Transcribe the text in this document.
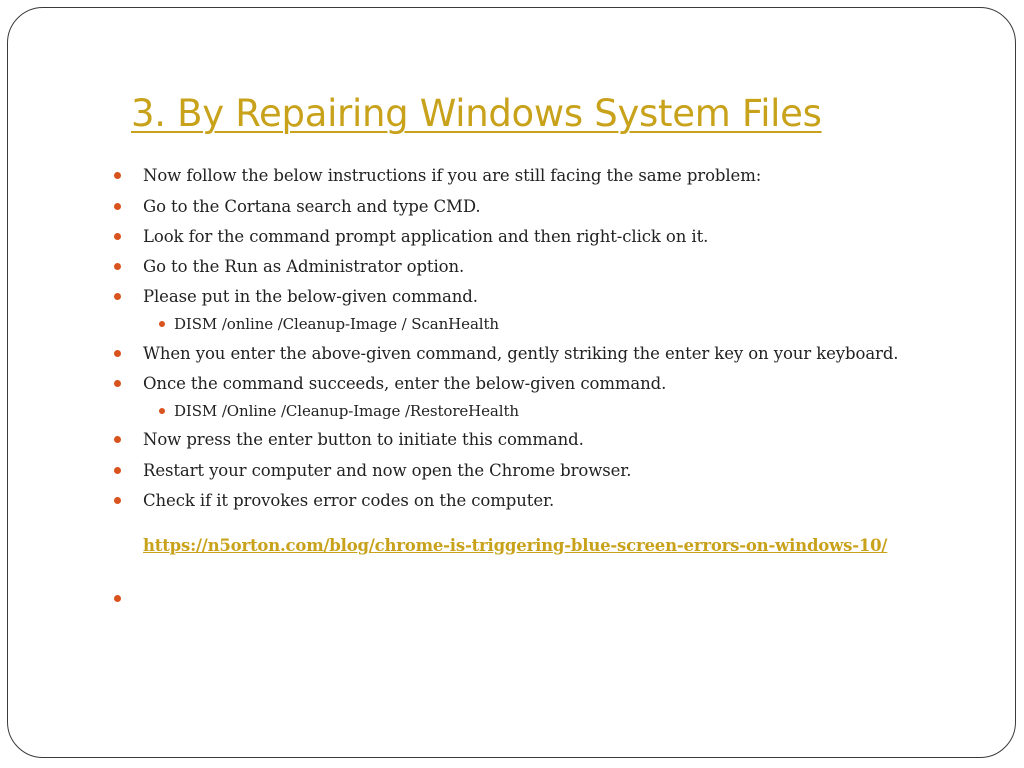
3. By Repairing Windows System Files
Now follow the below instructions if you are still facing the same problem:
Go to the Cortana search and type CMD.
Look for the command prompt application and then right-click on it.
Go to the Run as Administrator option.
Please put in the below-given command.
DISM /online /Cleanup-Image / ScanHealth
When you enter the above-given command, gently striking the enter key on your keyboard.
Once the command succeeds, enter the below-given command.
DISM /Online /Cleanup-Image /RestoreHealth
Now press the enter button to initiate this command.
Restart your computer and now open the Chrome browser.
Check if it provokes error codes on the computer.
https://n5orton.com/blog/chrome-is-triggering-blue-screen-errors-on-windows-10/
